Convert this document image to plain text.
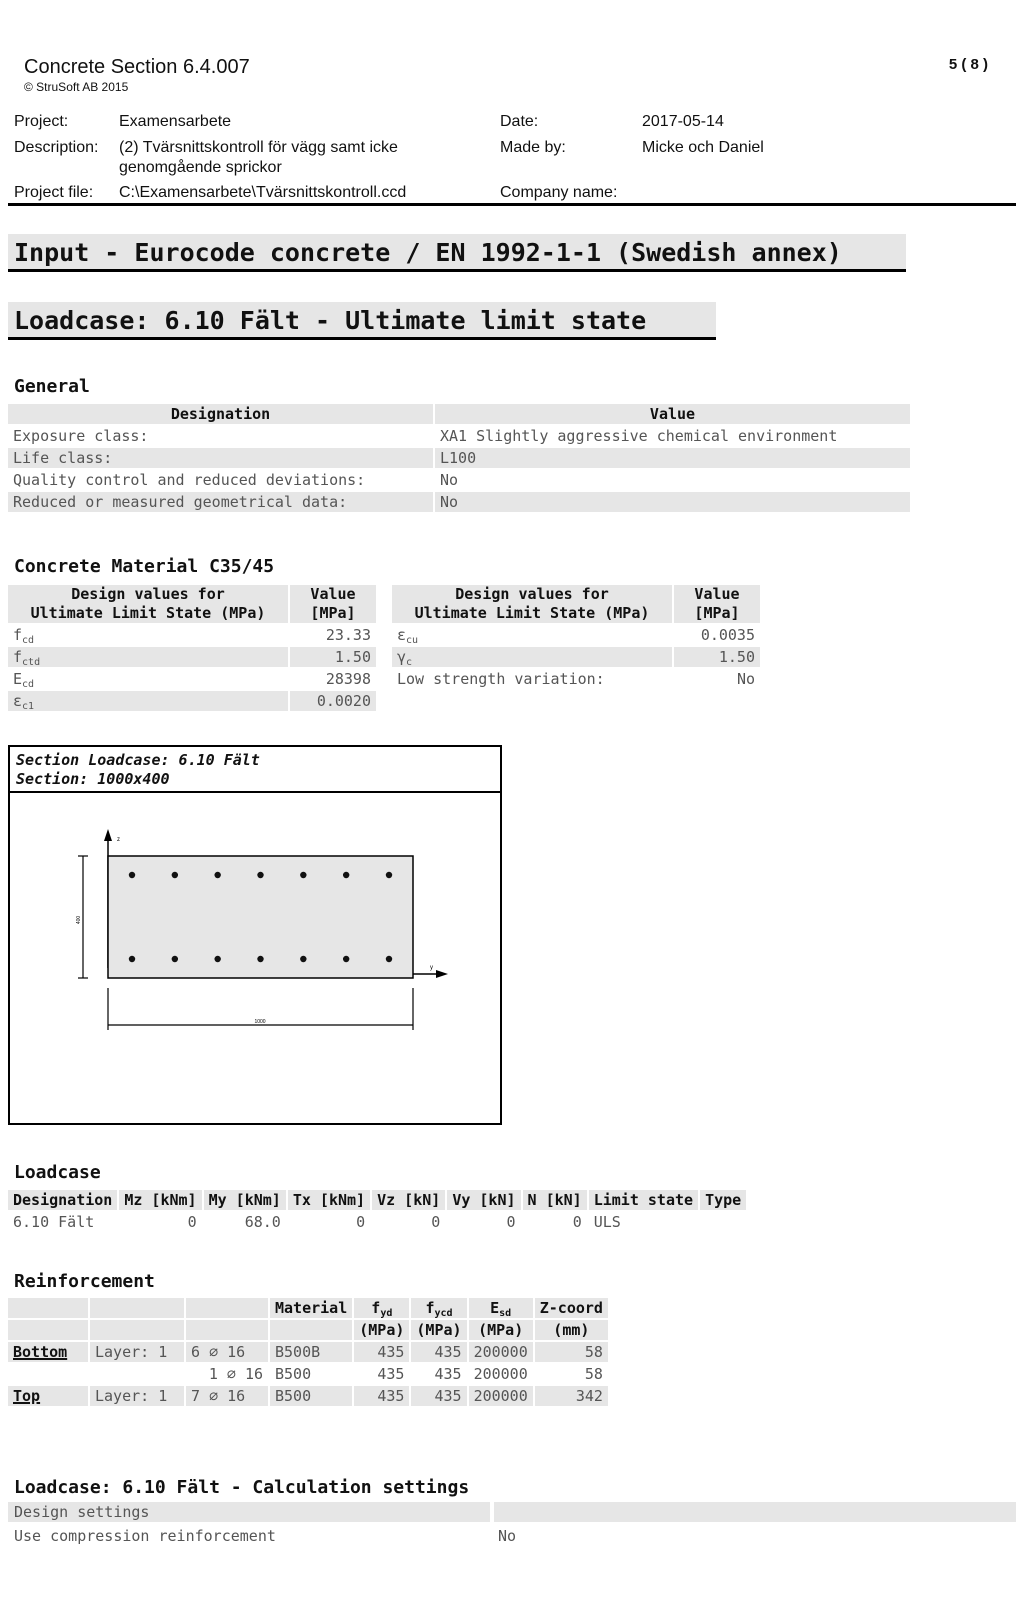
Concrete Section 6.4.007
© StruSoft AB 2015
5 ( 8 )
Project:	Examensarbete
Description: (2) Tvärsnittskontroll för vägg samt icke
genomgående sprickor
Project file: C:\Examensarbete\Tvärsnittskontroll.ccd
Date:	2017-05-14
Made by:	Micke och Daniel
Company name:
Input - Eurocode concrete / EN 1992-1-1 (Swedish annex)
Loadcase: 6.10 Fält - Ultimate limit state
General
Designation	Value
Exposure class:	XA1 Slightly aggressive chemical environment
Life class:	L100
Quality control and reduced deviations:	No
Reduced or measured geometrical data:	No
Concrete Material C35/45
Design values for
Ultimate Limit State (MPa)	Value
[MPa]
$f_{cd}$	23.33
$f_{ctd}$	1.50
$E_{cd}$	28398
$\varepsilon_{c1}$	0.0020
Design values for
Ultimate Limit State (MPa)	Value
[MPa]
$\varepsilon_{cu}$	0.0035
$\gamma_c$	1.50
Low strength variation:	No
Section Loadcase: 6.10 Fält
Section: 1000x400
z
y
400
1000
Loadcase
Designation	Mz [kNm]	My [kNm]	Tx [kNm]	Vz [kN]	Vy [kN]	N [kN]	Limit state	Type
6.10 Fält	0	68.0	0	0	0	0	ULS	
Reinforcement
			Material	$f_{yd}$	$f_{ycd}$	$E_{sd}$	Z-coord
				(MPa)	(MPa)	(MPa)	(mm)
Bottom	Layer: 1	6 ⌀ 16	B500B	435	435	200000	58
		1 ⌀ 16	B500	435	435	200000	58
Top	Layer: 1	7 ⌀ 16	B500	435	435	200000	342
Loadcase: 6.10 Fält - Calculation settings
Design settings
Use compression reinforcement	No
